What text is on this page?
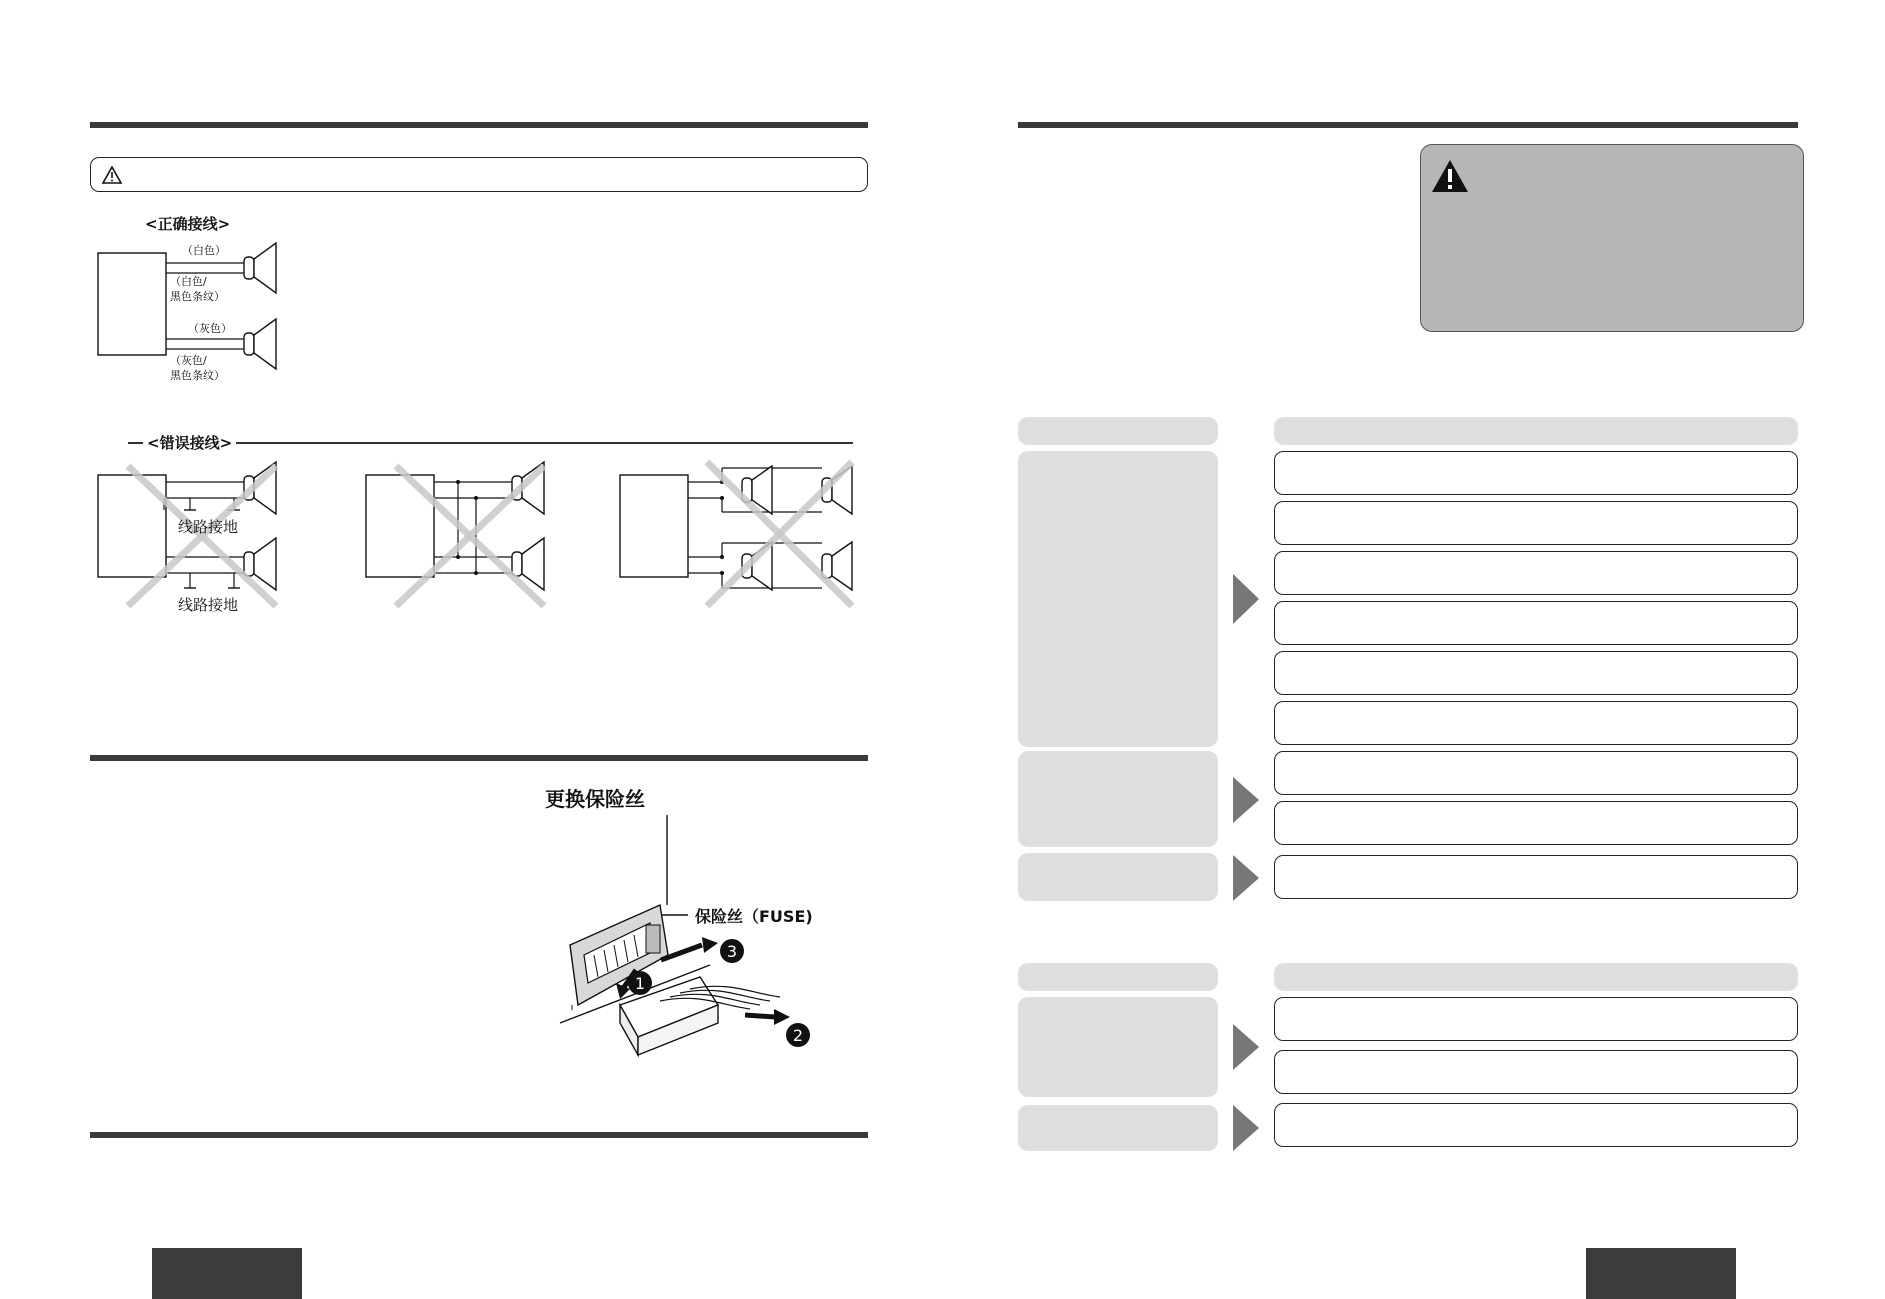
<正确接线>
（白色）
（白色/
黑色条纹）
（灰色）
（灰色/
黑色条纹）
<错误接线>
线路接地
线路接地
更换保险丝
保险丝（FUSE)
3
1
2
